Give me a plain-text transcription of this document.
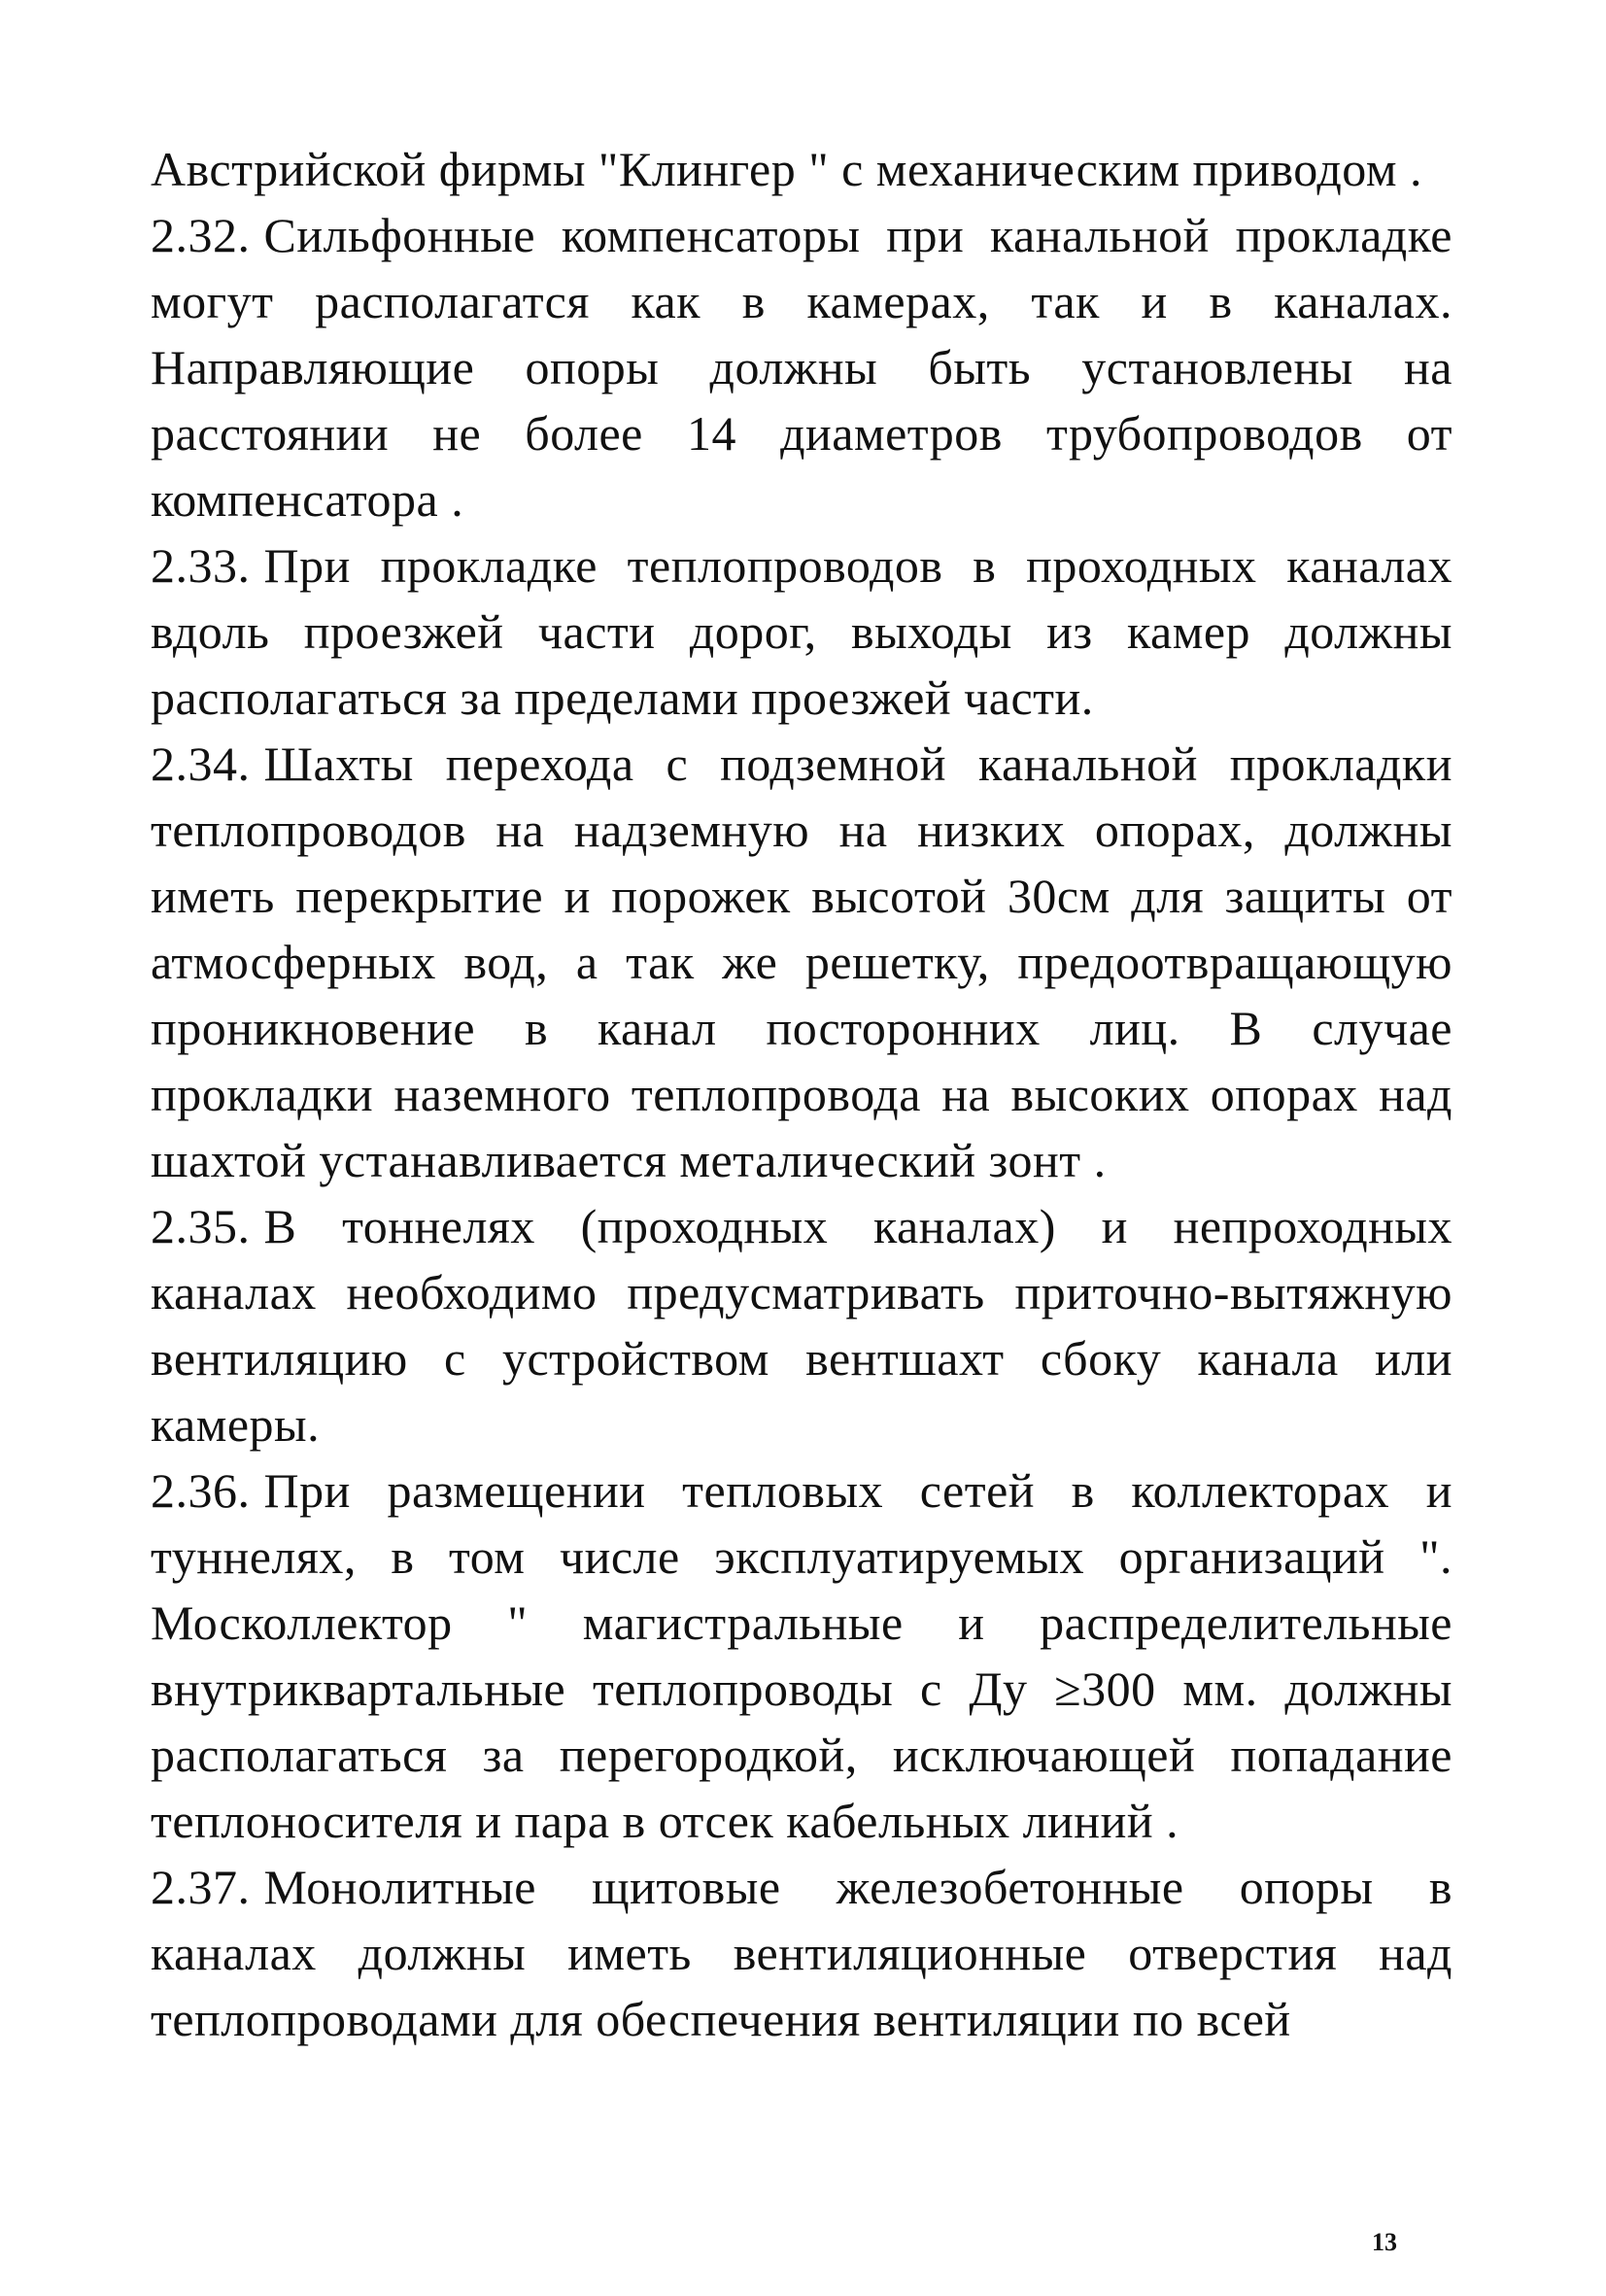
Австрийской фирмы "Клингер " с механическим приводом .

2.32. Сильфонные компенсаторы при канальной прокладке могут располагатся как в камерах, так и в каналах. Направляющие опоры должны быть установлены на расстоянии не более 14 диаметров трубопроводов от компенсатора .

2.33. При прокладке теплопроводов в проходных каналах вдоль проезжей части дорог, выходы из камер должны располагаться за пределами проезжей части.

2.34. Шахты перехода с подземной канальной прокладки теплопроводов на надземную на низких опорах, должны иметь перекрытие и порожек высотой 30см для защиты от атмосферных вод, а так же решетку, предоотвращающую проникновение в канал посторонних лиц. В случае прокладки наземного теплопровода на высоких опорах над шахтой устанавливается металический зонт .

2.35. В тоннелях (проходных каналах) и непроходных каналах необходимо предусматривать приточно-вытяжную вентиляцию с устройством вентшахт сбоку канала или камеры.

2.36. При размещении тепловых сетей в коллекторах и туннелях, в том числе эксплуатируемых организаций ". Москоллектор " магистральные и распределительные внутриквартальные теплопроводы с Ду ≥300 мм. должны располагаться за перегородкой, исключающей попадание теплоносителя и пара в отсек кабельных линий .

2.37. Монолитные щитовые железобетонные опоры в каналах должны иметь вентиляционные отверстия над теплопроводами для обеспечения вентиляции по всей

13
